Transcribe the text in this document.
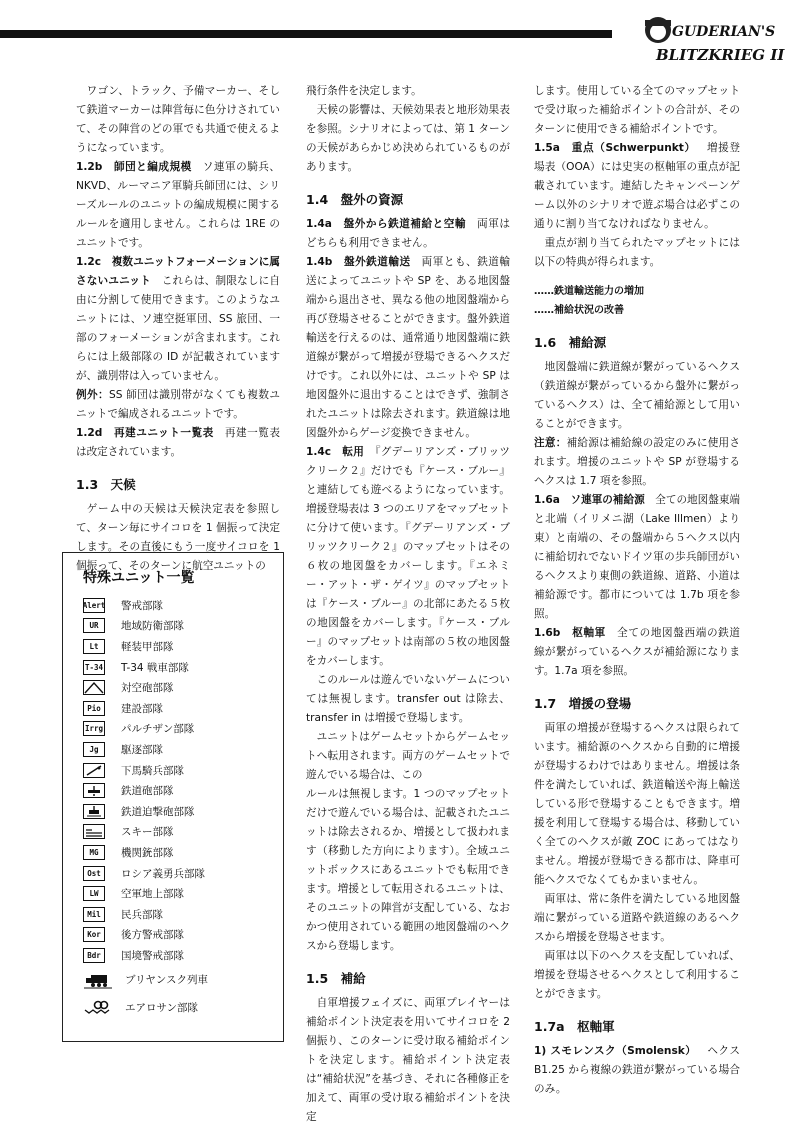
GUDERIAN'S
BLITZKRIEG II

ワゴン、トラック、予備マーカー、そして鉄道マーカーは陣営毎に色分けされていて、その陣営のどの軍でも共通で使えるようになっています。

1.2b　師団と編成規模　ソ連軍の騎兵、NKVD、ルーマニア軍騎兵師団には、シリーズルールのユニットの編成規模に関するルールを適用しません。これらは 1RE のユニットです。

1.2c　複数ユニットフォーメーションに属さないユニット　これらは、制限なしに自由に分割して使用できます。このようなユニットには、ソ連空挺軍団、SS 旅団、一部のフォーメーションが含まれます。これらには上級部隊の ID が記載されていますが、識別帯は入っていません。

例外：SS 師団は識別帯がなくても複数ユニットで編成されるユニットです。

1.2d　再建ユニット一覧表　再建一覧表は改定されています。

1.3　天候

ゲーム中の天候は天候決定表を参照して、ターン毎にサイコロを 1 個振って決定します。その直後にもう一度サイコロを 1 個振って、そのターンに航空ユニットの

特殊ユニット一覧
Alert 警戒部隊
UR	地域防衛部隊
Lt	軽装甲部隊
T-34 T-34 戦車部隊
対空砲部隊
Pio	建設部隊
Irrg パルチザン部隊
Jg	駆逐部隊
下馬騎兵部隊
鉄道砲部隊
鉄道迫撃砲部隊
スキー部隊
MG	機関銃部隊
Ost	ロシア義勇兵部隊
LW	空軍地上部隊
Mil	民兵部隊
Kor	後方警戒部隊
Bdr	国境警戒部隊
ブリヤンスク列車
エアロサン部隊

飛行条件を決定します。

天候の影響は、天候効果表と地形効果表を参照。シナリオによっては、第 1 ターンの天候があらかじめ決められているものがあります。

1.4　盤外の資源

1.4a　盤外から鉄道補給と空輸　両軍はどちらも利用できません。

1.4b　盤外鉄道輸送　両軍とも、鉄道輸送によってユニットや SP を、ある地図盤端から退出させ、異なる他の地図盤端から再び登場させることができます。盤外鉄道輸送を行えるのは、通常通り地図盤端に鉄道線が繋がって増援が登場できるヘクスだけです。これ以外には、ユニットや SP は地図盤外に退出することはできず、強制されたユニットは除去されます。鉄道線は地図盤外からゲージ変換できません。

1.4c　転用　『グデーリアンズ・ブリッツクリーク２』だけでも『ケース・ブルー』と連結しても遊べるようになっています。増援登場表は 3 つのエリアをマップセットに分けて使います。『グデーリアンズ・ブリッツクリーク２』のマップセットはその６枚の地図盤をカバーします。『エネミー・アット・ザ・ゲイツ』のマップセットは『ケース・ブルー』の北部にあたる５枚の地図盤をカバーします。『ケース・ブルー』のマップセットは南部の５枚の地図盤をカバーします。

このルールは遊んでいないゲームについては無視します。transfer out は除去、transfer in は増援で登場します。

ユニットはゲームセットからゲームセットへ転用されます。両方のゲームセットで遊んでいる場合は、この

ルールは無視します。1 つのマップセットだけで遊んでいる場合は、記載されたユニットは除去されるか、増援として扱われます（移動した方向によります）。全域ユニットボックスにあるユニットでも転用できます。増援として転用されるユニットは、そのユニットの陣営が支配している、なおかつ使用されている範囲の地図盤端のヘクスから登場します。

1.5　補給

自軍増援フェイズに、両軍プレイヤーは補給ポイント決定表を用いてサイコロを 2 個振り、このターンに受け取る補給ポイントを決定します。補給ポイント決定表は“補給状況”を基づき、それに各種修正を加えて、両軍の受け取る補給ポイントを決定

します。使用している全てのマップセットで受け取った補給ポイントの合計が、そのターンに使用できる補給ポイントです。

1.5a　重点（Schwerpunkt）　増援登場表（OOA）には史実の枢軸軍の重点が記載されています。連結したキャンペーンゲーム以外のシナリオで遊ぶ場合は必ずこの通りに割り当てなければなりません。

重点が割り当てられたマップセットには以下の特典が得られます。

……鉄道輸送能力の増加

……補給状況の改善

1.6　補給源

地図盤端に鉄道線が繋がっているヘクス（鉄道線が繋がっているから盤外に繋がっているヘクス）は、全て補給源として用いることができます。

注意：補給源は補給線の設定のみに使用されます。増援のユニットや SP が登場するヘクスは 1.7 項を参照。

1.6a　ソ連軍の補給源　全ての地図盤東端と北端（イリメニ湖（Lake Illmen）より東）と南端の、その盤端から５ヘクス以内に補給切れでないドイツ軍の歩兵師団がいるヘクスより東側の鉄道線、道路、小道は補給源です。都市については 1.7b 項を参照。

1.6b　枢軸軍　全ての地図盤西端の鉄道線が繋がっているヘクスが補給源になります。1.7a 項を参照。

1.7　増援の登場

両軍の増援が登場するヘクスは限られています。補給源のヘクスから自動的に増援が登場するわけではありません。増援は条件を満たしていれば、鉄道輸送や海上輸送している形で登場することもできます。増援を利用して登場する場合は、移動していく全てのヘクスが敵 ZOC にあってはなりません。増援が登場できる都市は、降車可能ヘクスでなくてもかまいません。

両軍は、常に条件を満たしている地図盤端に繋がっている道路や鉄道線のあるヘクスから増援を登場させます。

両軍は以下のヘクスを支配していれば、増援を登場させるヘクスとして利用することができます。

1.7a　枢軸軍

1) スモレンスク（Smolensk）　ヘクス B1.25 から複線の鉄道が繋がっている場合のみ。
